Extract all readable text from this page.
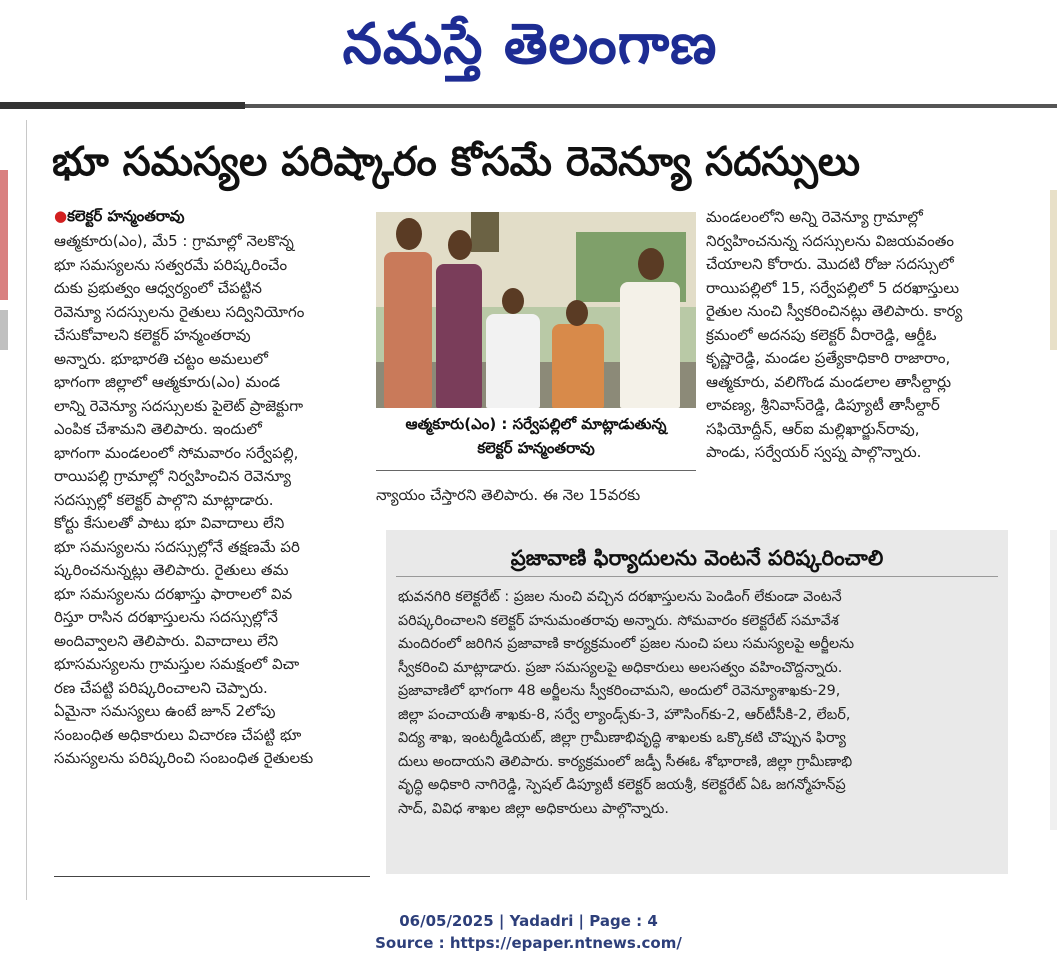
నమస్తే తెలంగాణ
భూ సమస్యల పరిష్కారం కోసమే రెవెన్యూ సదస్సులు
●కలెక్టర్ హన్మంతరావు

ఆత్మకూరు(ఎం), మే5 : గ్రామాల్లో నెలకొన్న

భూ సమస్యలను సత్వరమే పరిష్కరించేం

దుకు ప్రభుత్వం ఆధ్వర్యంలో చేపట్టిన

రెవెన్యూ సదస్సులను రైతులు సద్వినియోగం

చేసుకోవాలని కలెక్టర్ హన్మంతరావు

అన్నారు. భూభారతి చట్టం అమలులో

భాగంగా జిల్లాలో ఆత్మకూరు(ఎం) మండ

లాన్ని రెవెన్యూ సదస్సులకు పైలెట్ ప్రాజెక్టుగా

ఎంపిక చేశామని తెలిపారు. ఇందులో

భాగంగా మండలంలో సోమవారం సర్వేపల్లి,

రాయిపల్లి గ్రామాల్లో నిర్వహించిన రెవెన్యూ

సదస్సుల్లో కలెక్టర్ పాల్గొని మాట్లాడారు.

కోర్టు కేసులతో పాటు భూ వివాదాలు లేని

భూ సమస్యలను సదస్సుల్లోనే తక్షణమే పరి

ష్కరించనున్నట్లు తెలిపారు. రైతులు తమ

భూ సమస్యలను దరఖాస్తు ఫారాలలో వివ

రిస్తూ రాసిన దరఖాస్తులను సదస్సుల్లోనే

అందివ్వాలని తెలిపారు. వివాదాలు లేని

భూసమస్యలను గ్రామస్తుల సమక్షంలో విచా

రణ చేపట్టి పరిష్కరించాలని చెప్పారు.

ఏమైనా సమస్యలు ఉంటే జూన్ 2లోపు

సంబంధిత అధికారులు విచారణ చేపట్టి భూ

సమస్యలను పరిష్కరించి సంబంధిత రైతులకు

ఆత్మకూరు(ఎం) : సర్వేపల్లిలో మాట్లాడుతున్న
కలెక్టర్ హన్మంతరావు
న్యాయం చేస్తారని తెలిపారు. ఈ నెల 15వరకు

మండలంలోని అన్ని రెవెన్యూ గ్రామాల్లో

నిర్వహించనున్న సదస్సులను విజయవంతం

చేయాలని కోరారు. మొదటి రోజు సదస్సులో

రాయిపల్లిలో 15, సర్వేపల్లిలో 5 దరఖాస్తులు

రైతుల నుంచి స్వీకరించినట్లు తెలిపారు. కార్య

క్రమంలో అదనపు కలెక్టర్ వీరారెడ్డి, ఆర్డీఓ

కృష్ణారెడ్డి, మండల ప్రత్యేకాధికారి రాజారాం,

ఆత్మకూరు, వలిగొండ మండలాల తాసీల్దార్లు

లావణ్య, శ్రీనివాస్‌రెడ్డి, డిప్యూటీ తాసీల్దార్

సఫియోద్దీన్, ఆర్ఐ మల్లిఖార్జున్‌రావు,

పాండు, సర్వేయర్ స్వప్న పాల్గొన్నారు.

ప్రజావాణి ఫిర్యాదులను వెంటనే పరిష్కరించాలి

భువనగిరి కలెక్టరేట్ : ప్రజల నుంచి వచ్చిన దరఖాస్తులను పెండింగ్ లేకుండా వెంటనే

పరిష్కరించాలని కలెక్టర్ హనుమంతరావు అన్నారు. సోమవారం కలెక్టరేట్ సమావేశ

మందిరంలో జరిగిన ప్రజావాణి కార్యక్రమంలో ప్రజల నుంచి పలు సమస్యలపై అర్జీలను

స్వీకరించి మాట్లాడారు. ప్రజా సమస్యలపై అధికారులు అలసత్వం వహించొద్దన్నారు.

ప్రజావాణిలో భాగంగా 48 అర్జీలను స్వీకరించామని, అందులో రెవెన్యూశాఖకు-29,

జిల్లా పంచాయతీ శాఖకు-8, సర్వే ల్యాండ్స్‌కు-3, హౌసింగ్‌కు-2, ఆర్‌టీసీకి-2, లేబర్,

విద్య శాఖ, ఇంటర్మీడియట్, జిల్లా గ్రామీణాభివృద్ధి శాఖలకు ఒక్కొకటి చొప్పున ఫిర్యా

దులు అందాయని తెలిపారు. కార్యక్రమంలో జడ్పీ సీఈఓ శోభారాణి, జిల్లా గ్రామీణాభి

వృద్ధి అధికారి నాగిరెడ్డి, స్పెషల్ డిప్యూటీ కలెక్టర్ జయశ్రీ, కలెక్టరేట్ ఏఓ జగన్మోహన్‌ప్ర

సాద్, వివిధ శాఖల జిల్లా అధికారులు పాల్గొన్నారు.

06/05/2025 | Yadadri | Page : 4
Source : https://epaper.ntnews.com/
